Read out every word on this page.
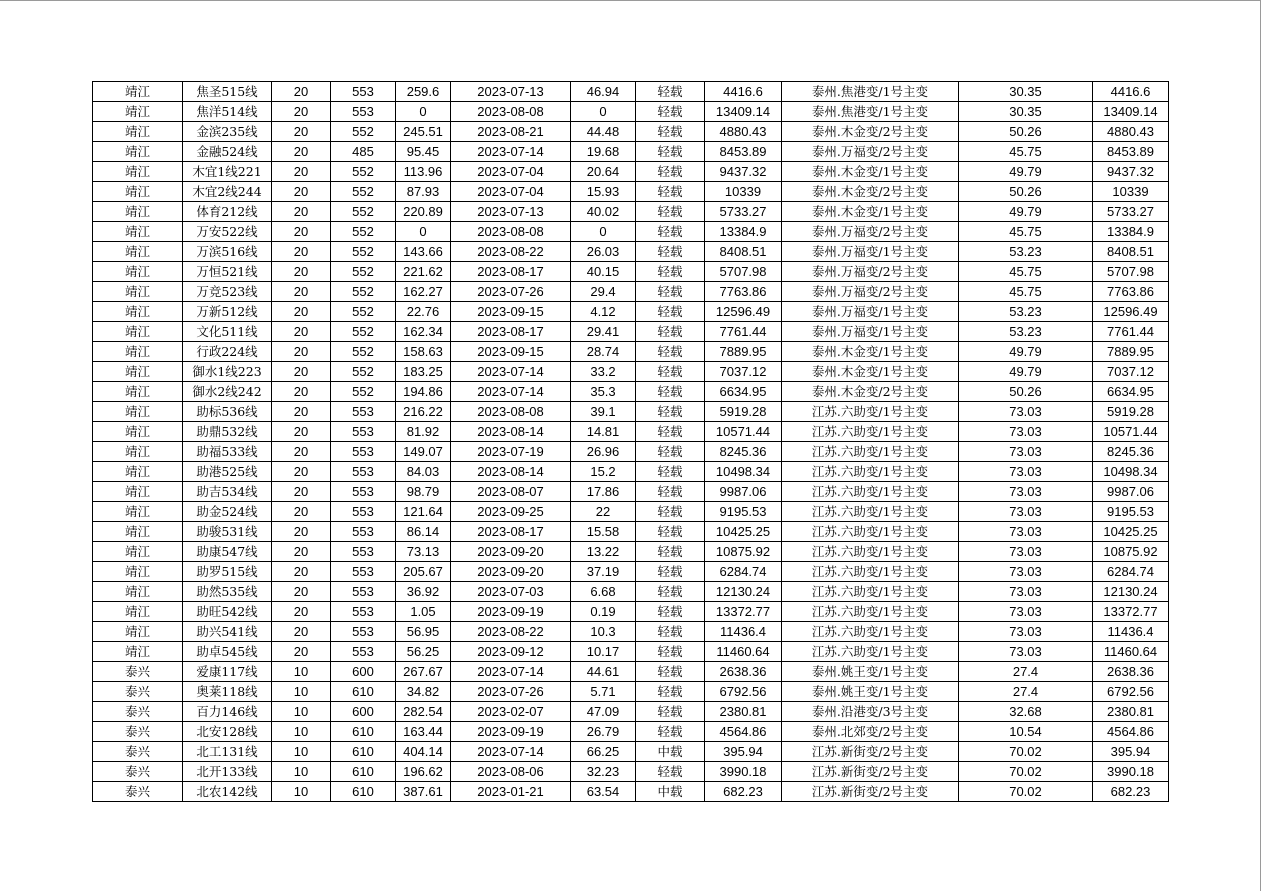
靖江	焦圣515线	20	553	259.6	2023-07-13	46.94	轻载	4416.6	泰州.焦港变/1号主变	30.35	4416.6
靖江	焦洋514线	20	553	0	2023-08-08	0	轻载	13409.14	泰州.焦港变/1号主变	30.35	13409.14
靖江	金滨235线	20	552	245.51	2023-08-21	44.48	轻载	4880.43	泰州.木金变/2号主变	50.26	4880.43
靖江	金融524线	20	485	95.45	2023-07-14	19.68	轻载	8453.89	泰州.万福变/2号主变	45.75	8453.89
靖江	木宜1线221	20	552	113.96	2023-07-04	20.64	轻载	9437.32	泰州.木金变/1号主变	49.79	9437.32
靖江	木宜2线244	20	552	87.93	2023-07-04	15.93	轻载	10339	泰州.木金变/2号主变	50.26	10339
靖江	体育212线	20	552	220.89	2023-07-13	40.02	轻载	5733.27	泰州.木金变/1号主变	49.79	5733.27
靖江	万安522线	20	552	0	2023-08-08	0	轻载	13384.9	泰州.万福变/2号主变	45.75	13384.9
靖江	万滨516线	20	552	143.66	2023-08-22	26.03	轻载	8408.51	泰州.万福变/1号主变	53.23	8408.51
靖江	万恒521线	20	552	221.62	2023-08-17	40.15	轻载	5707.98	泰州.万福变/2号主变	45.75	5707.98
靖江	万竞523线	20	552	162.27	2023-07-26	29.4	轻载	7763.86	泰州.万福变/2号主变	45.75	7763.86
靖江	万新512线	20	552	22.76	2023-09-15	4.12	轻载	12596.49	泰州.万福变/1号主变	53.23	12596.49
靖江	文化511线	20	552	162.34	2023-08-17	29.41	轻载	7761.44	泰州.万福变/1号主变	53.23	7761.44
靖江	行政224线	20	552	158.63	2023-09-15	28.74	轻载	7889.95	泰州.木金变/1号主变	49.79	7889.95
靖江	御水1线223	20	552	183.25	2023-07-14	33.2	轻载	7037.12	泰州.木金变/1号主变	49.79	7037.12
靖江	御水2线242	20	552	194.86	2023-07-14	35.3	轻载	6634.95	泰州.木金变/2号主变	50.26	6634.95
靖江	助标536线	20	553	216.22	2023-08-08	39.1	轻载	5919.28	江苏.六助变/1号主变	73.03	5919.28
靖江	助鼎532线	20	553	81.92	2023-08-14	14.81	轻载	10571.44	江苏.六助变/1号主变	73.03	10571.44
靖江	助福533线	20	553	149.07	2023-07-19	26.96	轻载	8245.36	江苏.六助变/1号主变	73.03	8245.36
靖江	助港525线	20	553	84.03	2023-08-14	15.2	轻载	10498.34	江苏.六助变/1号主变	73.03	10498.34
靖江	助吉534线	20	553	98.79	2023-08-07	17.86	轻载	9987.06	江苏.六助变/1号主变	73.03	9987.06
靖江	助金524线	20	553	121.64	2023-09-25	22	轻载	9195.53	江苏.六助变/1号主变	73.03	9195.53
靖江	助骏531线	20	553	86.14	2023-08-17	15.58	轻载	10425.25	江苏.六助变/1号主变	73.03	10425.25
靖江	助康547线	20	553	73.13	2023-09-20	13.22	轻载	10875.92	江苏.六助变/1号主变	73.03	10875.92
靖江	助罗515线	20	553	205.67	2023-09-20	37.19	轻载	6284.74	江苏.六助变/1号主变	73.03	6284.74
靖江	助然535线	20	553	36.92	2023-07-03	6.68	轻载	12130.24	江苏.六助变/1号主变	73.03	12130.24
靖江	助旺542线	20	553	1.05	2023-09-19	0.19	轻载	13372.77	江苏.六助变/1号主变	73.03	13372.77
靖江	助兴541线	20	553	56.95	2023-08-22	10.3	轻载	11436.4	江苏.六助变/1号主变	73.03	11436.4
靖江	助卓545线	20	553	56.25	2023-09-12	10.17	轻载	11460.64	江苏.六助变/1号主变	73.03	11460.64
泰兴	爱康117线	10	600	267.67	2023-07-14	44.61	轻载	2638.36	泰州.姚王变/1号主变	27.4	2638.36
泰兴	奥莱118线	10	610	34.82	2023-07-26	5.71	轻载	6792.56	泰州.姚王变/1号主变	27.4	6792.56
泰兴	百力146线	10	600	282.54	2023-02-07	47.09	轻载	2380.81	泰州.沿港变/3号主变	32.68	2380.81
泰兴	北安128线	10	610	163.44	2023-09-19	26.79	轻载	4564.86	泰州.北郊变/2号主变	10.54	4564.86
泰兴	北工131线	10	610	404.14	2023-07-14	66.25	中载	395.94	江苏.新街变/2号主变	70.02	395.94
泰兴	北开133线	10	610	196.62	2023-08-06	32.23	轻载	3990.18	江苏.新街变/2号主变	70.02	3990.18
泰兴	北农142线	10	610	387.61	2023-01-21	63.54	中载	682.23	江苏.新街变/2号主变	70.02	682.23
